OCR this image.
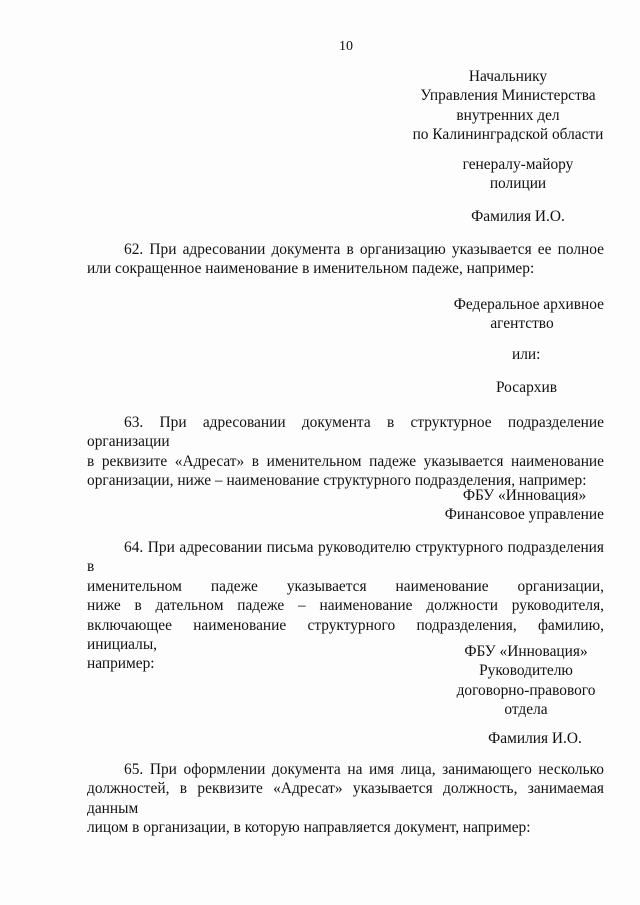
10
Начальнику
Управления Министерства
внутренних дел
по Калининградской области
генералу-майору
полиции
Фамилия И.О.
62. При адресовании документа в организацию указывается ее полное
или сокращенное наименование в именительном падеже, например:
Федеральное архивное
агентство
или:
Росархив
63. При адресовании документа в структурное подразделение организации
в реквизите «Адресат» в именительном падеже указывается наименование
организации, ниже – наименование структурного подразделения, например:
ФБУ «Инновация»
Финансовое управление
64. При адресовании письма руководителю структурного подразделения в
именительном падеже указывается наименование организации,
ниже в дательном падеже – наименование должности руководителя,
включающее наименование структурного подразделения, фамилию, инициалы,
например:
ФБУ «Инновация»
Руководителю
договорно-правового
отдела
Фамилия И.О.
65. При оформлении документа на имя лица, занимающего несколько
должностей, в реквизите «Адресат» указывается должность, занимаемая данным
лицом в организации, в которую направляется документ, например:
